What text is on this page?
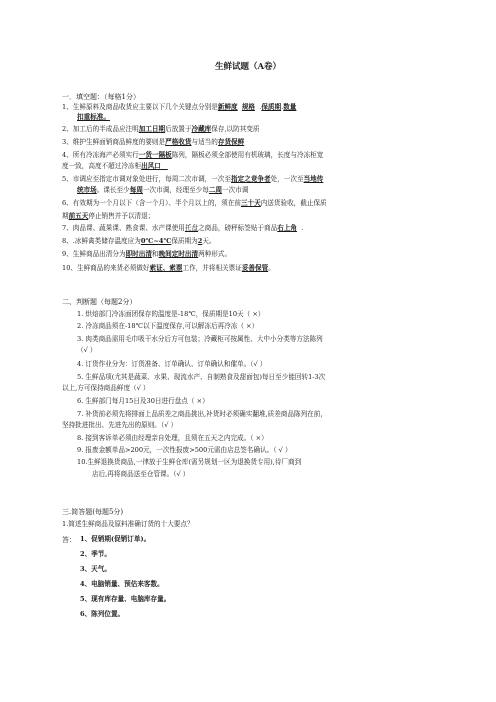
生鲜试题（A卷）
一．填空题：（每格1分）
1、生鲜原料及商品收货应主要以下几个关键点分别是新鲜度 规格  .保质期.数量
扣重标准。
2、加工后的半成品应注明加工日期后放置于冷藏库保存,以防其变质
3、维护生鲜面销商品鲜度的要则是严格收货与适当的存货保鲜
4、所有冷冻海产必须实行一货一隔板陈列，隔板必须全部使用有机玻璃，长度与冷冻柜宽
度一致，高度不超过冷冻柜出风口
5、市调应至指定市调对象处进行，每周二次市调，一次至指定之竞争者处，一次至当地传
统市场。课长至少每周一次市调，经理至少每二周一次市调
6、有效期为一个月以下（含一个月）、半个月以上的，须在前三十天内送货验收，截止保质
期前五天停止销售并予以清退；
7、肉品课、蔬果课、熟食课、水产课使用托盘之商品，磅秤标签贴于商品右上角  .
8、.冰鲜禽类储存温度应为0℃~4℃保质期为2天。
9、生鲜商品出清分为即时出清和晚间定时出清两种形式。
10、生鲜商品的来货必须做好索证、索票工作，并将相关票证妥善保管。
二、判断题（每题2分）
1. 烘焙部门冷冻面团保存的温度是-18℃，保质期是10天（ ×）
2. 冷冻商品须在-18℃以下温度保存,可以解冻后再冷冻（ ×）
3. 肉类商品需用毛巾吸干水分后方可包装；冷藏柜可按属性、大中小分类等方法陈列
（√ ）
4. 订货作业分为：订货准备、订单确认、订单确认和催单。（√ ）
5. 生鲜品项(尤其是蔬菜、水果、现流水产、自制熟食及甜面包)每日至少能回转1-3次
以上,方可保持商品鲜度（√ ）
6. 生鲜部门每月15日及30日进行盘点（ ×）
7. 补货前必须先将排面上品质差之商品挑出,补货时必须确实翻堆,质差商品陈列在前，
坚持批进批出、先进先出的原则。（√ ）
8. 接到客诉单必须由经理亲自处理，且须在五天之内完成。（ ×）
9. 报废金额单品>200元，一次性报废>500元需由店总签名确认。（ √ ）
10.生鲜退换货商品,一律放于生鲜仓库(需另规划一区为退换货专用),待厂商到
店后,再将商品送至仓管课。（√ ）
三.简答题(每题5分)
1.简述生鲜商品及原料准确订货的十大要点？
答： 1、促销期(促销订单)。
2、季节。
3、天气。
4、电脑销量、预估来客数。
5、现有库存量、电脑库存量。
6、陈列位置。
